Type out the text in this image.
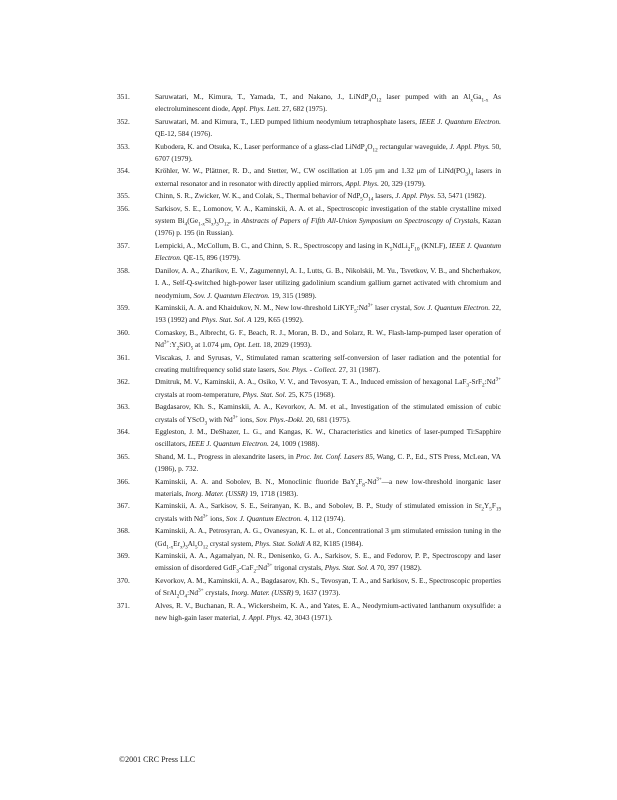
351.	Saruwatari, M., Kimura, T., Yamada, T., and Nakano, J., $LiNdP_4O_{12}$ laser pumped with an $Al_xGa_{1-x}$ As electroluminescent diode, Appl. Phys. Lett. 27, 682 (1975).
352.	Saruwatari, M. and Kimura, T., LED pumped lithium neodymium tetraphosphate lasers, IEEE J. Quantum Electron. QE-12, 584 (1976).
353.	Kubodera, K. and Otsuka, K., Laser performance of a glass-clad $LiNdP_4O_{12}$ rectangular waveguide, J. Appl. Phys. 50, 6707 (1979).
354.	Kröhler, W. W., Plättner, R. D., and Stetter, W., CW oscillation at 1.05 μm and 1.32 μm of $LiNd(PO_3)_4$ lasers in external resonator and in resonator with directly applied mirrors, Appl. Phys. 20, 329 (1979).
355.	Chinn, S. R., Zwicker, W. K., and Colak, S., Thermal behavior of $NdP_5O_{14}$ lasers, J. Appl. Phys. 53, 5471 (1982).
356.	Sarkisov, S. E., Lomonov, V. A., Kaminskii, A. A. et al., Spectroscopic investigation of the stable crystalline mixed system $Bi_4(Ge_{1-x}Si_x)_3O_{12}$, in Abstracts of Papers of Fifth All-Union Symposium on Spectroscopy of Crystals, Kazan (1976) p. 195 (in Russian).
357.	Lempicki, A., McCollum, B. C., and Chinn, S. R., Spectroscopy and lasing in $K_5NdLi_2F_{10}$ (KNLF), IEEE J. Quantum Electron. QE-15, 896 (1979).
358.	Danilov, A. A., Zharikov, E. V., Zagumennyl, A. I., Lutts, G. B., Nikolskii, M. Yu., Tsvetkov, V. B., and Shcherhakov, I. A., Self-Q-switched high-power laser utilizing gadolinium scandium gallium garnet activated with chromium and neodymium, Sov. J. Quantum Electron. 19, 315 (1989).
359.	Kaminskii, A. A. and Khaidukov, N. M., New low-threshold $LiKYF_5:Nd^{3+}$ laser crystal, Sov. J. Quantum Electron. 22, 193 (1992) and Phys. Stat. Sol. A 129, K65 (1992).
360.	Comaskey, B., Albrecht, G. F., Beach, R. J., Moran, B. D., and Solarz, R. W., Flash-lamp-pumped laser operation of $Nd^{3+}:Y_2SiO_5$ at 1.074 μm, Opt. Lett. 18, 2029 (1993).
361.	Viscakas, J. and Syrusas, V., Stimulated raman scattering self-conversion of laser radiation and the potential for creating multifrequency solid state lasers, Sov. Phys. - Collect. 27, 31 (1987).
362.	Dmitruk, M. V., Kaminskii, A. A., Osiko, V. V., and Tevosyan, T. A., Induced emission of hexagonal $LaF_3-SrF_2:Nd^{3+}$ crystals at room-temperature, Phys. Stat. Sol. 25, K75 (1968).
363.	Bagdasarov, Kh. S., Kaminskii, A. A., Kevorkov, A. M. et al., Investigation of the stimulated emission of cubic crystals of YScO$_3$ with $Nd^{3+}$ ions, Sov. Phys.-Dokl. 20, 681 (1975).
364.	Eggleston, J. M., DeShazer, L. G., and Kangas, K. W., Characteristics and kinetics of laser-pumped Ti:Sapphire oscillators, IEEE J. Quantum Electron. 24, 1009 (1988).
365.	Shand, M. L., Progress in alexandrite lasers, in Proc. Int. Conf. Lasers 85, Wang, C. P., Ed., STS Press, McLean, VA (1986), p. 732.
366.	Kaminskii, A. A. and Sobolev, B. N., Monoclinic fluoride $BaY_2F_8-Nd^{3+}—a$ new low-threshold inorganic laser materials, Inorg. Mater. (USSR) 19, 1718 (1983).
367.	Kaminskii, A. A., Sarkisov, S. E., Seiranyan, K. B., and Sobolev, B. P., Study of stimulated emission in $Sr_2Y_5F_{19}$ crystals with $Nd^{3+}$ ions, Sov. J. Quantum Electron. 4, 112 (1974).
368.	Kaminskii, A. A., Petrosyran, A. G., Ovanesyan, K. L. et al., Concentrational 3 μm stimulated emission tuning in the $(Gd_{1-x}Er_x)_3Al_5O_{12}$ crystal system, Phys. Stat. Solidi A 82, K185 (1984).
369.	Kaminskii, A. A., Agamalyan, N. R., Denisenko, G. A., Sarkisov, S. E., and Fedorov, P. P., Spectroscopy and laser emission of disordered $GdF_3-CaF_2:Nd^{3+}$ trigonal crystals, Phys. Stat. Sol. A 70, 397 (1982).
370.	Kevorkov, A. M., Kaminskii, A. A., Bagdasarov, Kh. S., Tevosyan, T. A., and Sarkisov, S. E., Spectroscopic properties of $SrAl_2O_4:Nd^{3+}$ crystals, Inorg. Mater. (USSR) 9, 1637 (1973).
371.	Alves, R. V., Buchanan, R. A., Wickersheim, K. A., and Yates, E. A., Neodymium-activated lanthanum oxysulfide: a new high-gain laser material, J. Appl. Phys. 42, 3043 (1971).
©2001 CRC Press LLC
